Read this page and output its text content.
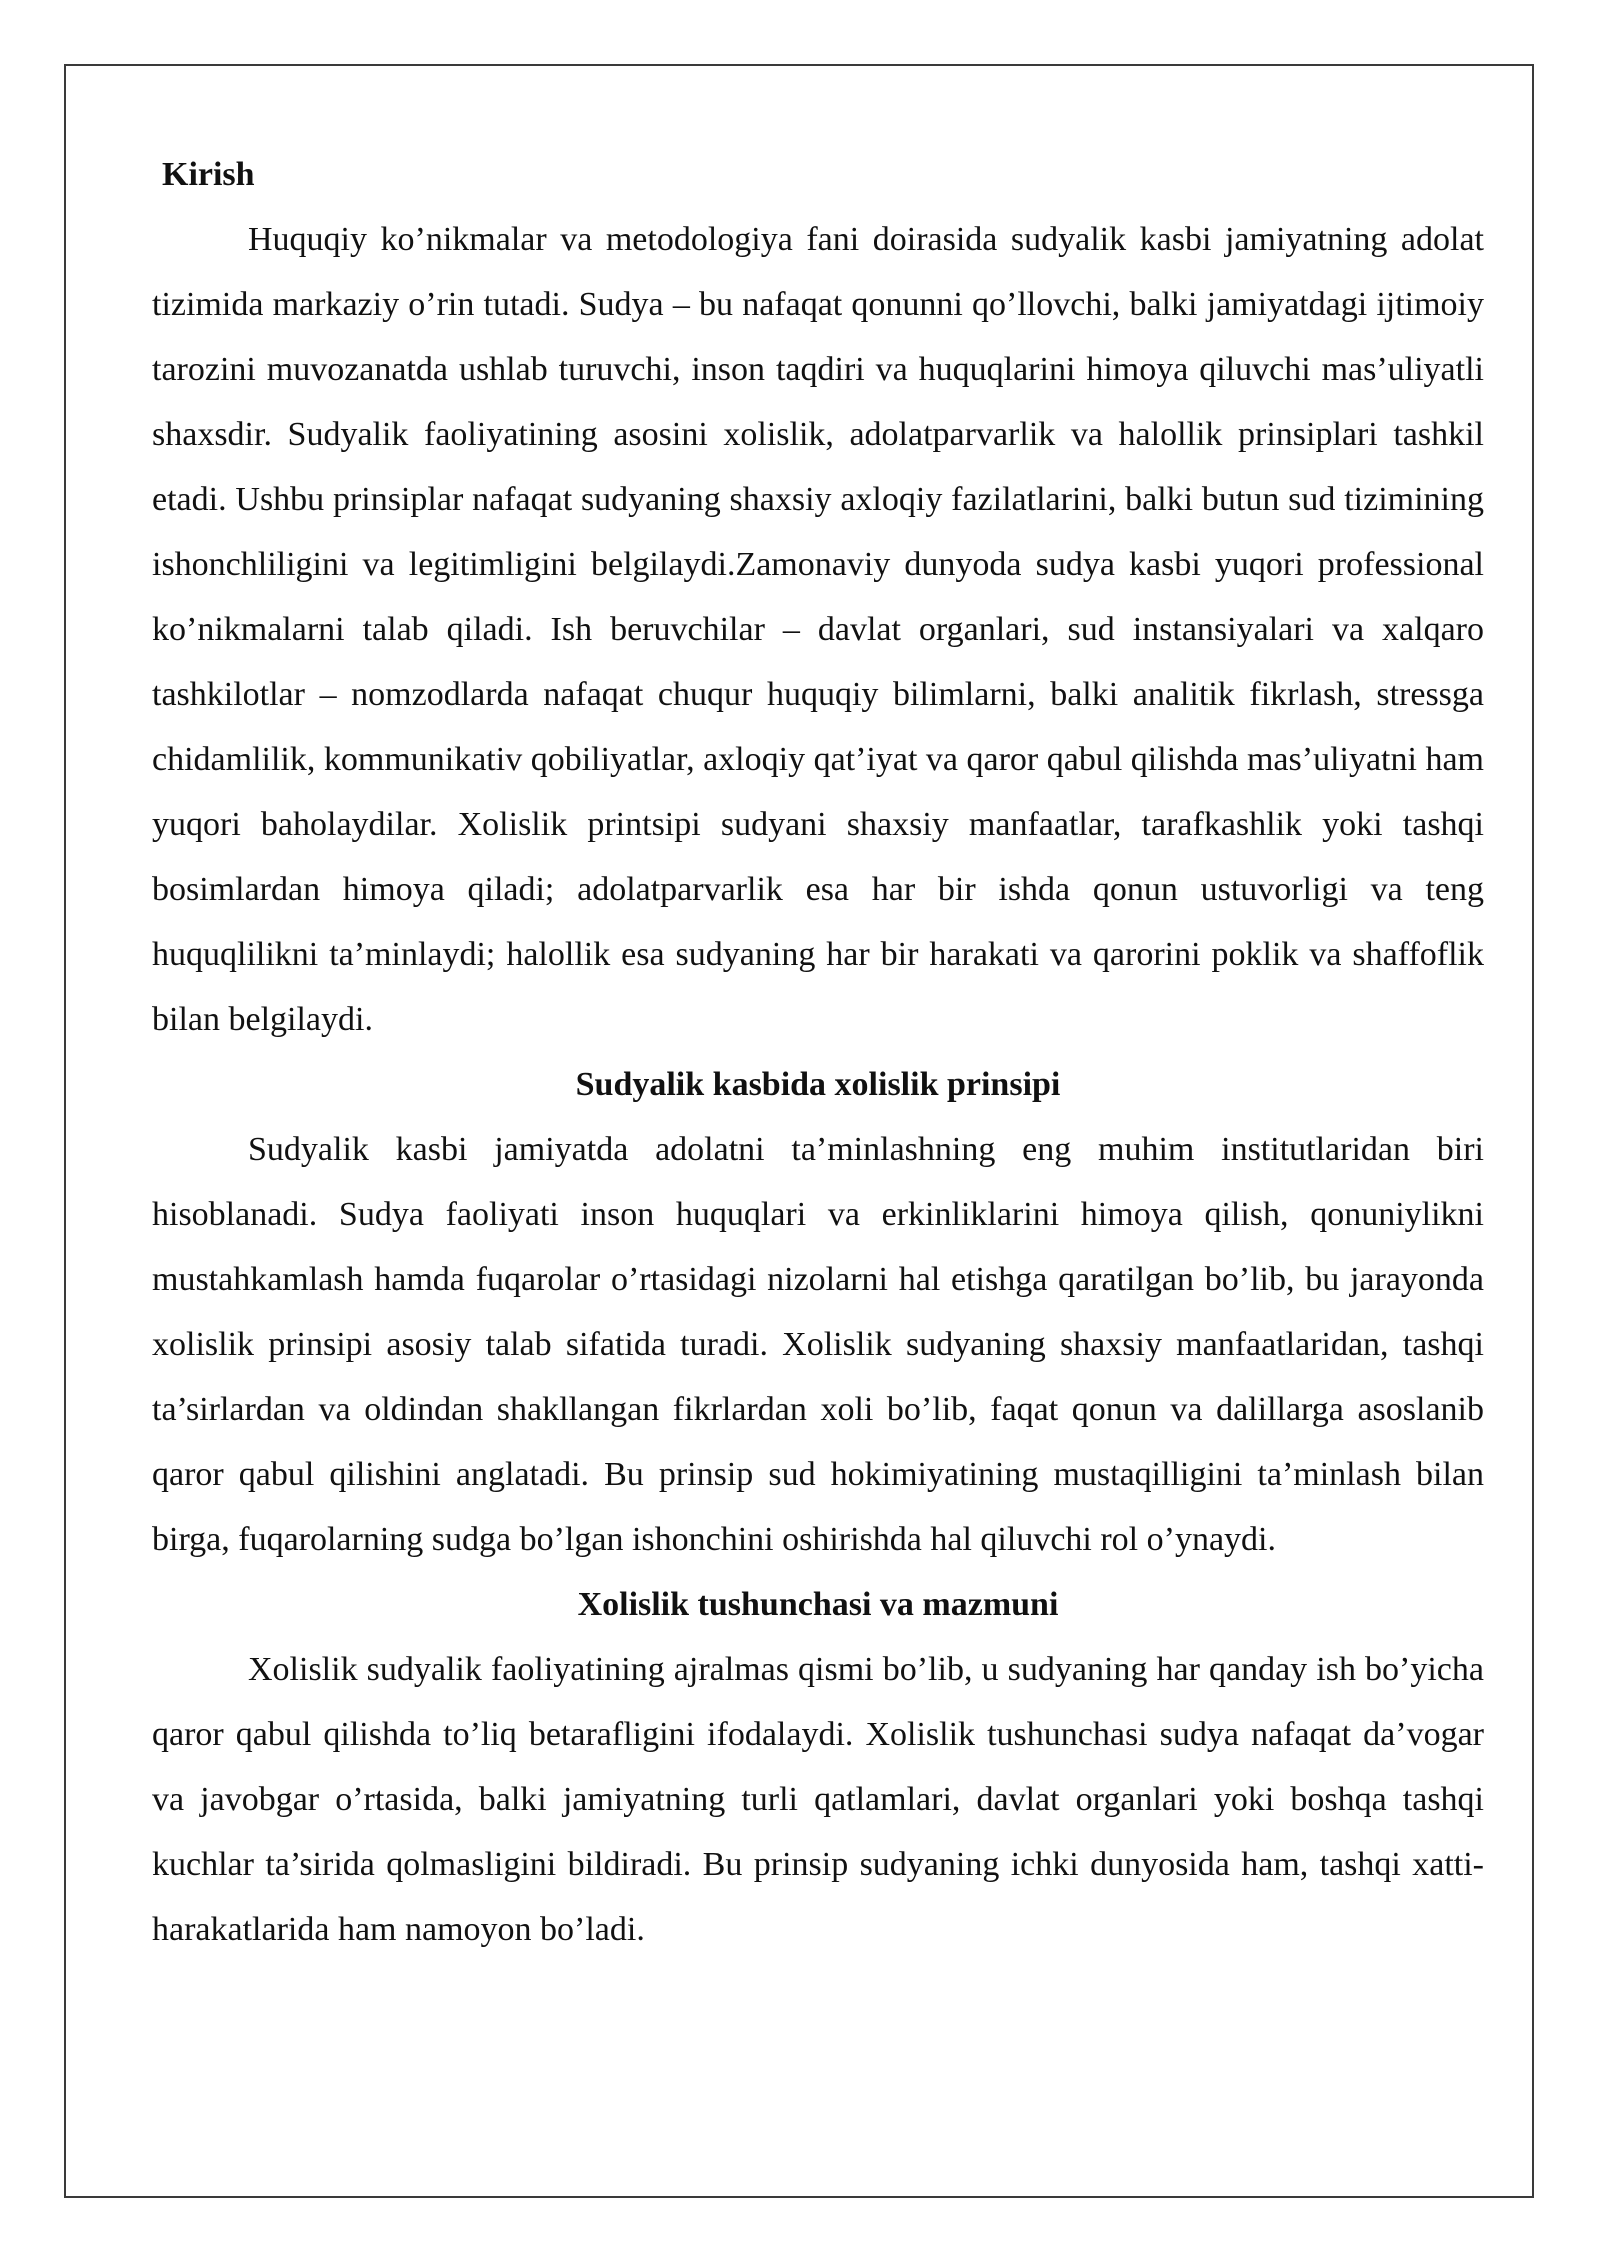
Kirish

Huquqiy ko’nikmalar va metodologiya fani doirasida sudyalik kasbi jamiyatning adolat tizimida markaziy o’rin tutadi. Sudya – bu nafaqat qonunni qo’llovchi, balki jamiyatdagi ijtimoiy tarozini muvozanatda ushlab turuvchi, inson taqdiri va huquqlarini himoya qiluvchi mas’uliyatli shaxsdir. Sudyalik faoliyatining asosini xolislik, adolatparvarlik va halollik prinsiplari tashkil etadi. Ushbu prinsiplar nafaqat sudyaning shaxsiy axloqiy fazilatlarini, balki butun sud tizimining ishonchliligini va legitimligini belgilaydi.Zamonaviy dunyoda sudya kasbi yuqori professional ko’nikmalarni talab qiladi. Ish beruvchilar – davlat organlari, sud instansiyalari va xalqaro tashkilotlar – nomzodlarda nafaqat chuqur huquqiy bilimlarni, balki analitik fikrlash, stressga chidamlilik, kommunikativ qobiliyatlar, axloqiy qat’iyat va qaror qabul qilishda mas’uliyatni ham yuqori baholaydilar. Xolislik printsipi sudyani shaxsiy manfaatlar, tarafkashlik yoki tashqi bosimlardan himoya qiladi; adolatparvarlik esa har bir ishda qonun ustuvorligi va teng huquqlilikni ta’minlaydi; halollik esa sudyaning har bir harakati va qarorini poklik va shaffoflik bilan belgilaydi.

Sudyalik kasbida xolislik prinsipi

Sudyalik kasbi jamiyatda adolatni ta’minlashning eng muhim institutlaridan biri hisoblanadi. Sudya faoliyati inson huquqlari va erkinliklarini himoya qilish, qonuniylikni mustahkamlash hamda fuqarolar o’rtasidagi nizolarni hal etishga qaratilgan bo’lib, bu jarayonda xolislik prinsipi asosiy talab sifatida turadi. Xolislik sudyaning shaxsiy manfaatlaridan, tashqi ta’sirlardan va oldindan shakllangan fikrlardan xoli bo’lib, faqat qonun va dalillarga asoslanib qaror qabul qilishini anglatadi. Bu prinsip sud hokimiyatining mustaqilligini ta’minlash bilan birga, fuqarolarning sudga bo’lgan ishonchini oshirishda hal qiluvchi rol o’ynaydi.

Xolislik tushunchasi va mazmuni

Xolislik sudyalik faoliyatining ajralmas qismi bo’lib, u sudyaning har qanday ish bo’yicha qaror qabul qilishda to’liq betarafligini ifodalaydi. Xolislik tushunchasi sudya nafaqat da’vogar va javobgar o’rtasida, balki jamiyatning turli qatlamlari, davlat organlari yoki boshqa tashqi kuchlar ta’sirida qolmasligini bildiradi. Bu prinsip sudyaning ichki dunyosida ham, tashqi xatti-harakatlarida ham namoyon bo’ladi.
